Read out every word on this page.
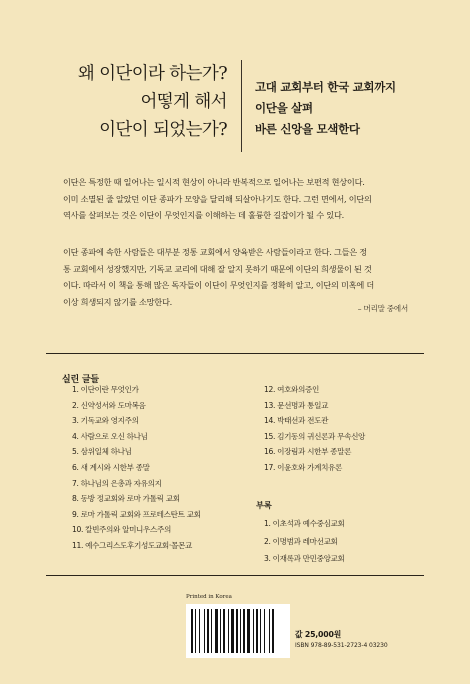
왜 이단이라 하는가?
어떻게 해서
이단이 되었는가?
고대 교회부터 한국 교회까지
이단을 살펴
바른 신앙을 모색한다
이단은 특정한 때 일어나는 일시적 현상이 아니라 반복적으로 일어나는 보편적 현상이다.
이미 소멸된 줄 알았던 이단 종파가 모양을 달리해 되살아나기도 한다. 그런 면에서, 이단의
역사를 살펴보는 것은 이단이 무엇인지를 이해하는 데 훌륭한 길잡이가 될 수 있다.
이단 종파에 속한 사람들은 대부분 정통 교회에서 양육받은 사람들이라고 한다. 그들은 정
통 교회에서 성장했지만, 기독교 교리에 대해 잘 알지 못하기 때문에 이단의 희생물이 된 것
이다. 따라서 이 책을 통해 많은 독자들이 이단이 무엇인지를 정확히 알고, 이단의 미혹에 더
이상 희생되지 않기를 소망한다.
– 머리말 중에서
실린 글들
1. 이단이란 무엇인가
2. 신약성서와 도마복음
3. 기독교와 영지주의
4. 사람으로 오신 하나님
5. 삼위일체 하나님
6. 새 계시와 시한부 종말
7. 하나님의 은총과 자유의지
8. 동방 정교회와 로마 가톨릭 교회
9. 로마 가톨릭 교회와 프로테스탄트 교회
10. 칼빈주의와 알미니우스주의
11. 예수그리스도후기성도교회·몰몬교
12. 여호와의증인
13. 문선명과 통일교
14. 박태선과 전도관
15. 김기동의 귀신론과 무속신앙
16. 이장림과 시한부 종말론
17. 이윤호와 가계치유론
부록
1. 이초석과 예수중심교회
2. 이명범과 레마선교회
3. 이재록과 만민중앙교회
Printed in Korea
값 25,000원
ISBN 978-89-531-2723-4 03230
